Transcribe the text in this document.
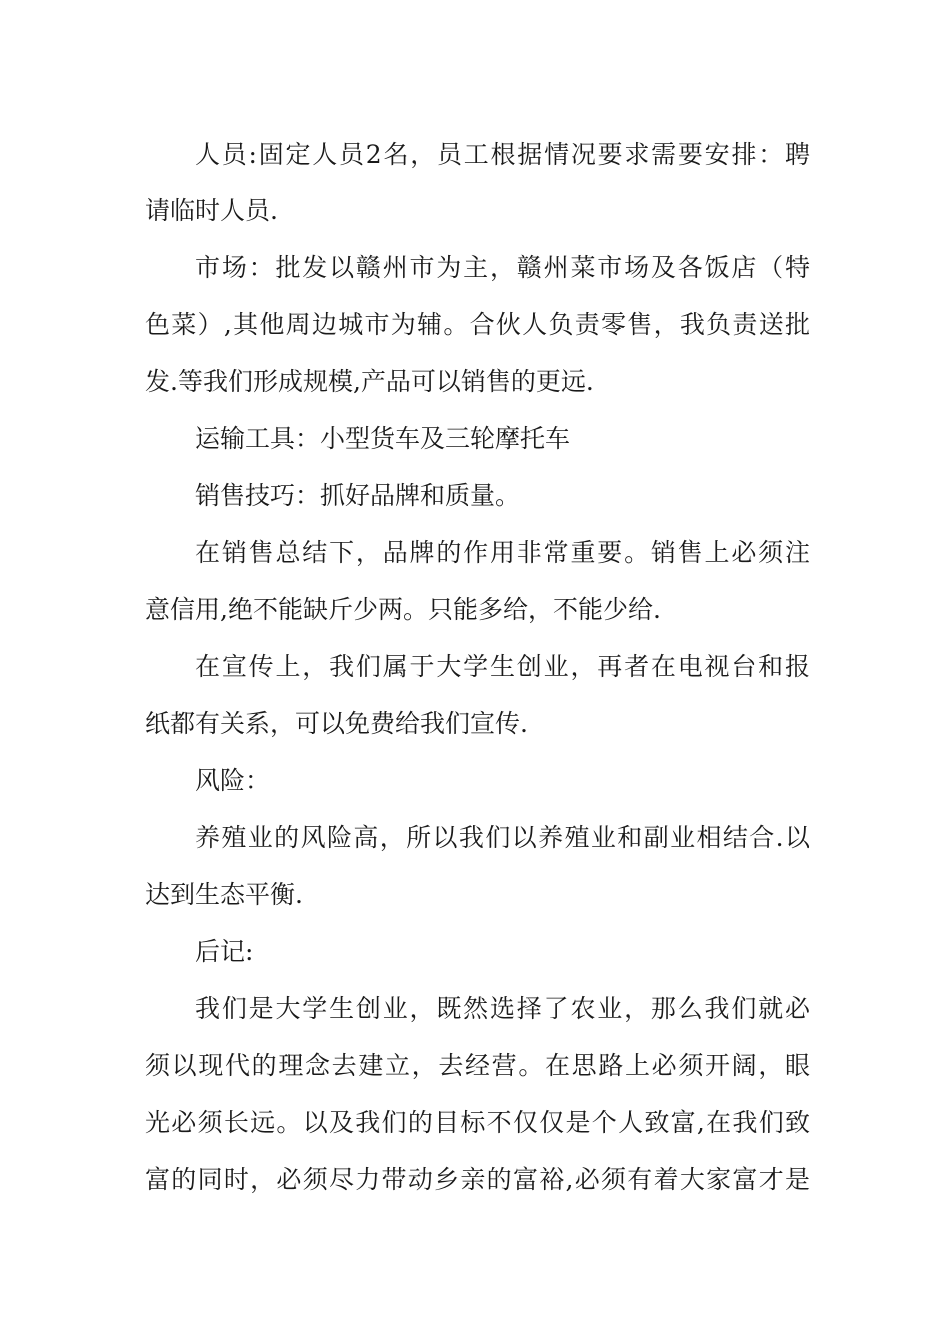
人员:固定人员2名，员工根据情况要求需要安排：聘
请临时人员.
市场：批发以赣州市为主，赣州菜市场及各饭店（特
色菜）,其他周边城市为辅。合伙人负责零售，我负责送批
发.等我们形成规模,产品可以销售的更远.
运输工具：小型货车及三轮摩托车
销售技巧：抓好品牌和质量。
在销售总结下，品牌的作用非常重要。销售上必须注
意信用,绝不能缺斤少两。只能多给，不能少给.
在宣传上，我们属于大学生创业，再者在电视台和报
纸都有关系，可以免费给我们宣传.
风险：
养殖业的风险高，所以我们以养殖业和副业相结合.以
达到生态平衡.
后记:
我们是大学生创业，既然选择了农业，那么我们就必
须以现代的理念去建立，去经营。在思路上必须开阔，眼
光必须长远。以及我们的目标不仅仅是个人致富,在我们致
富的同时，必须尽力带动乡亲的富裕,必须有着大家富才是
